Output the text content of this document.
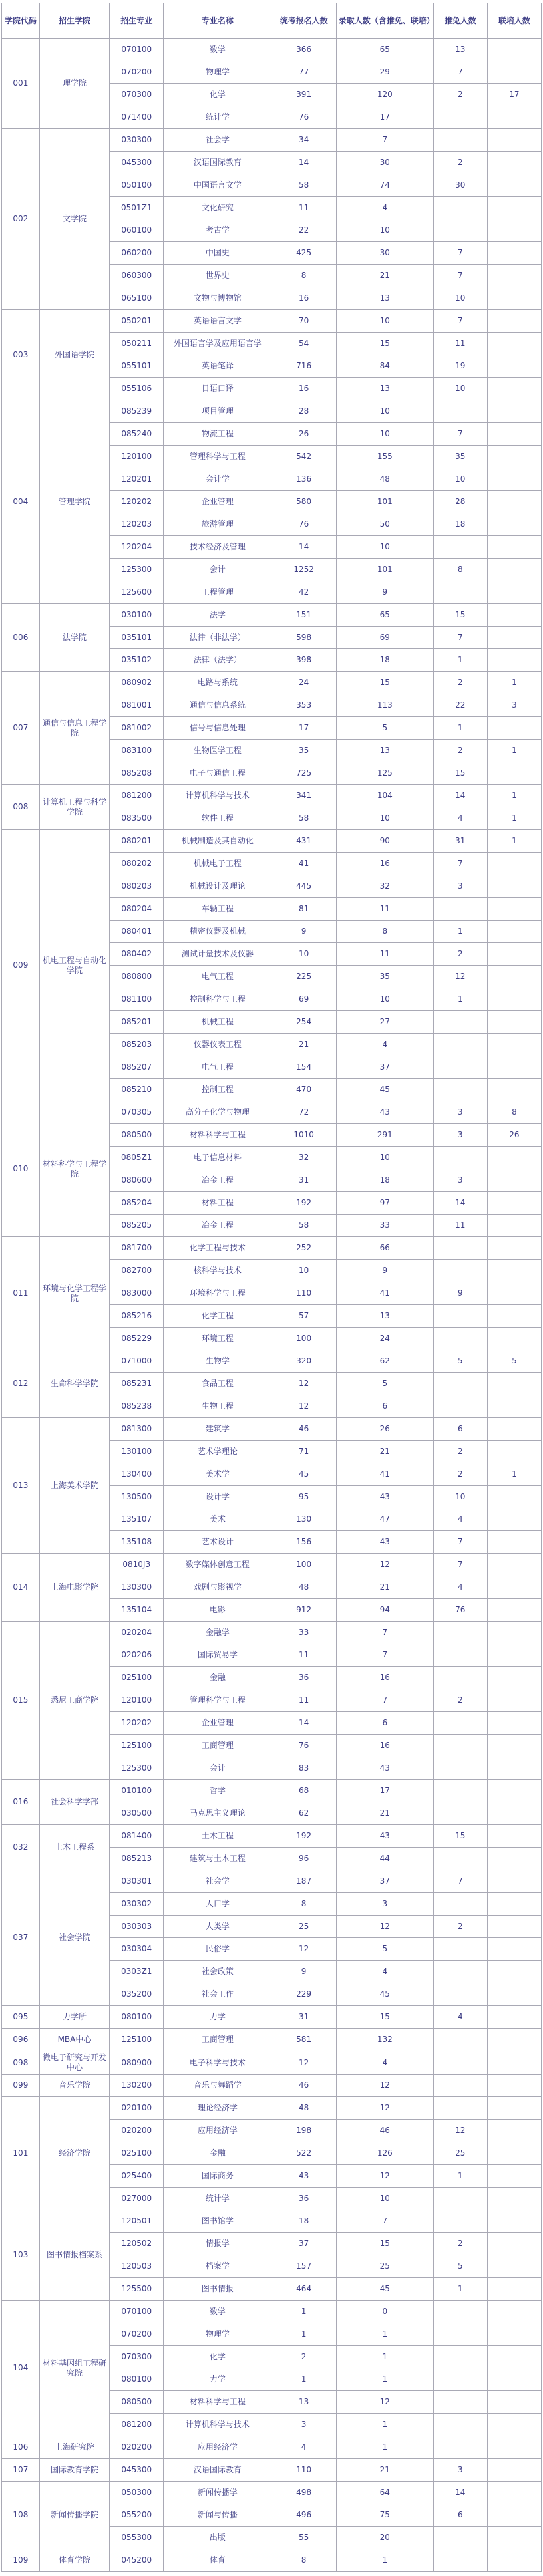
学院代码	招生学院	招生专业	专业名称	统考报名人数	录取人数（含推免、联培）	推免人数	联培人数
001	理学院	070100	数学	366	65	13	
		070200	物理学	77	29	7	
		070300	化学	391	120	2	17
		071400	统计学	76	17		
002	文学院	030300	社会学	34	7		
		045300	汉语国际教育	14	30	2	
		050100	中国语言文学	58	74	30	
		0501Z1	文化研究	11	4		
		060100	考古学	22	10		
		060200	中国史	425	30	7	
		060300	世界史	8	21	7	
		065100	文物与博物馆	16	13	10	
003	外国语学院	050201	英语语言文学	70	10	7	
		050211	外国语言学及应用语言学	54	15	11	
		055101	英语笔译	716	84	19	
		055106	日语口译	16	13	10	
004	管理学院	085239	项目管理	28	10		
		085240	物流工程	26	10	7	
		120100	管理科学与工程	542	155	35	
		120201	会计学	136	48	10	
		120202	企业管理	580	101	28	
		120203	旅游管理	76	50	18	
		120204	技术经济及管理	14	10		
		125300	会计	1252	101	8	
		125600	工程管理	42	9		
006	法学院	030100	法学	151	65	15	
		035101	法律（非法学）	598	69	7	
		035102	法律（法学）	398	18	1	
007	通信与信息工程学院	080902	电路与系统	24	15	2	1
		081001	通信与信息系统	353	113	22	3
		081002	信号与信息处理	17	5	1	
		083100	生物医学工程	35	13	2	1
		085208	电子与通信工程	725	125	15	
008	计算机工程与科学学院	081200	计算机科学与技术	341	104	14	1
		083500	软件工程	58	10	4	1
009	机电工程与自动化学院	080201	机械制造及其自动化	431	90	31	1
		080202	机械电子工程	41	16	7	
		080203	机械设计及理论	445	32	3	
		080204	车辆工程	81	11		
		080401	精密仪器及机械	9	8	1	
		080402	测试计量技术及仪器	10	11	2	
		080800	电气工程	225	35	12	
		081100	控制科学与工程	69	10	1	
		085201	机械工程	254	27		
		085203	仪器仪表工程	21	4		
		085207	电气工程	154	37		
		085210	控制工程	470	45		
010	材料科学与工程学院	070305	高分子化学与物理	72	43	3	8
		080500	材料科学与工程	1010	291	3	26
		0805Z1	电子信息材料	32	10		
		080600	冶金工程	31	18	3	
		085204	材料工程	192	97	14	
		085205	冶金工程	58	33	11	
011	环境与化学工程学院	081700	化学工程与技术	252	66		
		082700	核科学与技术	10	9		
		083000	环境科学与工程	110	41	9	
		085216	化学工程	57	13		
		085229	环境工程	100	24		
012	生命科学学院	071000	生物学	320	62	5	5
		085231	食品工程	12	5		
		085238	生物工程	12	6		
013	上海美术学院	081300	建筑学	46	26	6	
		130100	艺术学理论	71	21	2	
		130400	美术学	45	41	2	1
		130500	设计学	95	43	10	
		135107	美术	130	47	4	
		135108	艺术设计	156	43	7	
014	上海电影学院	0810J3	数字媒体创意工程	100	12	7	
		130300	戏剧与影视学	48	21	4	
		135104	电影	912	94	76	
015	悉尼工商学院	020204	金融学	33	7		
		020206	国际贸易学	11	7		
		025100	金融	36	16		
		120100	管理科学与工程	11	7	2	
		120202	企业管理	14	6		
		125100	工商管理	76	16		
		125300	会计	83	43		
016	社会科学学部	010100	哲学	68	17		
		030500	马克思主义理论	62	21		
032	土木工程系	081400	土木工程	192	43	15	
		085213	建筑与土木工程	96	44		
037	社会学院	030301	社会学	187	37	7	
		030302	人口学	8	3		
		030303	人类学	25	12	2	
		030304	民俗学	12	5		
		0303Z1	社会政策	9	4		
		035200	社会工作	229	45		
095	力学所	080100	力学	31	15	4	
096	MBA中心	125100	工商管理	581	132		
098	微电子研究与开发中心	080900	电子科学与技术	12	4		
099	音乐学院	130200	音乐与舞蹈学	46	12		
101	经济学院	020100	理论经济学	48	12		
		020200	应用经济学	198	46	12	
		025100	金融	522	126	25	
		025400	国际商务	43	12	1	
		027000	统计学	36	10		
103	图书情报档案系	120501	图书馆学	18	7		
		120502	情报学	37	15	2	
		120503	档案学	157	25	5	
		125500	图书情报	464	45	1	
104	材料基因组工程研究院	070100	数学	1	0		
		070200	物理学	1	1		
		070300	化学	2	1		
		080100	力学	1	1		
		080500	材料科学与工程	13	12		
		081200	计算机科学与技术	3	1		
106	上海研究院	020200	应用经济学	4	1		
107	国际教育学院	045300	汉语国际教育	110	21	3	
108	新闻传播学院	050300	新闻传播学	498	64	14	
		055200	新闻与传播	496	75	6	
		055300	出版	55	20		
109	体育学院	045200	体育	8	1		
